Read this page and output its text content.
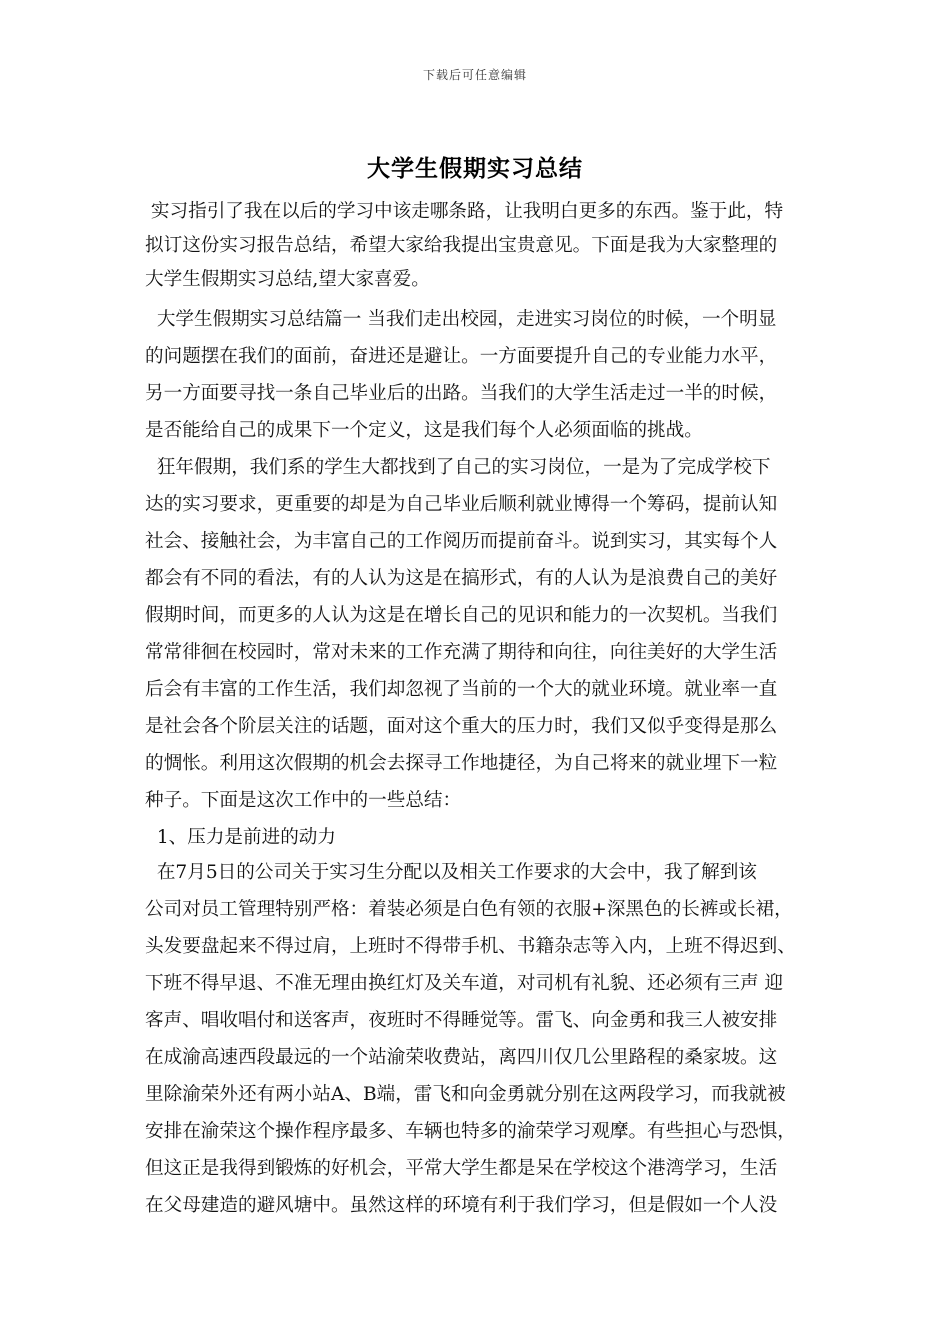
下载后可任意编辑
大学生假期实习总结
实习指引了我在以后的学习中该走哪条路，让我明白更多的东西。鉴于此，特
拟订这份实习报告总结，希望大家给我提出宝贵意见。下面是我为大家整理的
大学生假期实习总结,望大家喜爱。
大学生假期实习总结篇一 当我们走出校园，走进实习岗位的时候，一个明显
的问题摆在我们的面前，奋进还是避让。一方面要提升自己的专业能力水平，
另一方面要寻找一条自己毕业后的出路。当我们的大学生活走过一半的时候，
是否能给自己的成果下一个定义，这是我们每个人必须面临的挑战。
狂年假期，我们系的学生大都找到了自己的实习岗位，一是为了完成学校下
达的实习要求，更重要的却是为自己毕业后顺利就业博得一个筹码，提前认知
社会、接触社会，为丰富自己的工作阅历而提前奋斗。说到实习，其实每个人
都会有不同的看法，有的人认为这是在搞形式，有的人认为是浪费自己的美好
假期时间，而更多的人认为这是在增长自己的见识和能力的一次契机。当我们
常常徘徊在校园时，常对未来的工作充满了期待和向往，向往美好的大学生活
后会有丰富的工作生活，我们却忽视了当前的一个大的就业环境。就业率一直
是社会各个阶层关注的话题，面对这个重大的压力时，我们又似乎变得是那么
的惆怅。利用这次假期的机会去探寻工作地捷径，为自己将来的就业埋下一粒
种子。下面是这次工作中的一些总结：
1、压力是前进的动力
在7月5日的公司关于实习生分配以及相关工作要求的大会中，我了解到该
公司对员工管理特别严格：着装必须是白色有领的衣服+深黑色的长裤或长裙，
头发要盘起来不得过肩，上班时不得带手机、书籍杂志等入内，上班不得迟到、
下班不得早退、不准无理由换红灯及关车道，对司机有礼貌、还必须有三声 迎
客声、唱收唱付和送客声，夜班时不得睡觉等。雷飞、向金勇和我三人被安排
在成渝高速西段最远的一个站渝荣收费站，离四川仅几公里路程的桑家坡。这
里除渝荣外还有两小站A、B端，雷飞和向金勇就分别在这两段学习，而我就被
安排在渝荣这个操作程序最多、车辆也特多的渝荣学习观摩。有些担心与恐惧，
但这正是我得到锻炼的好机会，平常大学生都是呆在学校这个港湾学习，生活
在父母建造的避风塘中。虽然这样的环境有利于我们学习，但是假如一个人没
